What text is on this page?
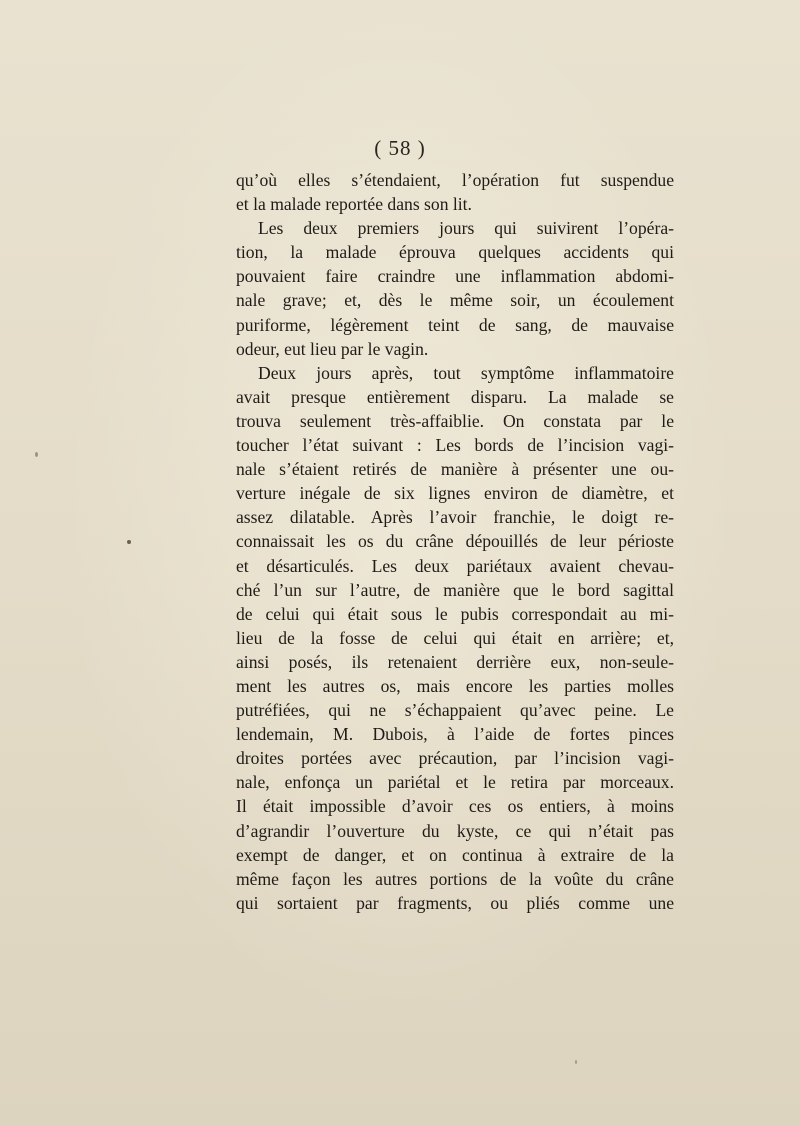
( 58 )
qu’où elles s’étendaient, l’opération fut suspendue
et la malade reportée dans son lit.
Les deux premiers jours qui suivirent l’opéra-
tion, la malade éprouva quelques accidents qui
pouvaient faire craindre une inflammation abdomi-
nale grave; et, dès le même soir, un écoulement
puriforme, légèrement teint de sang, de mauvaise
odeur, eut lieu par le vagin.
Deux jours après, tout symptôme inflammatoire
avait presque entièrement disparu. La malade se
trouva seulement très-affaiblie. On constata par le
toucher l’état suivant : Les bords de l’incision vagi-
nale s’étaient retirés de manière à présenter une ou-
verture inégale de six lignes environ de diamètre, et
assez dilatable. Après l’avoir franchie, le doigt re-
connaissait les os du crâne dépouillés de leur périoste
et désarticulés. Les deux pariétaux avaient chevau-
ché l’un sur l’autre, de manière que le bord sagittal
de celui qui était sous le pubis correspondait au mi-
lieu de la fosse de celui qui était en arrière; et,
ainsi posés, ils retenaient derrière eux, non-seule-
ment les autres os, mais encore les parties molles
putréfiées, qui ne s’échappaient qu’avec peine. Le
lendemain, M. Dubois, à l’aide de fortes pinces
droites portées avec précaution, par l’incision vagi-
nale, enfonça un pariétal et le retira par morceaux.
Il était impossible d’avoir ces os entiers, à moins
d’agrandir l’ouverture du kyste, ce qui n’était pas
exempt de danger, et on continua à extraire de la
même façon les autres portions de la voûte du crâne
qui sortaient par fragments, ou pliés comme une
